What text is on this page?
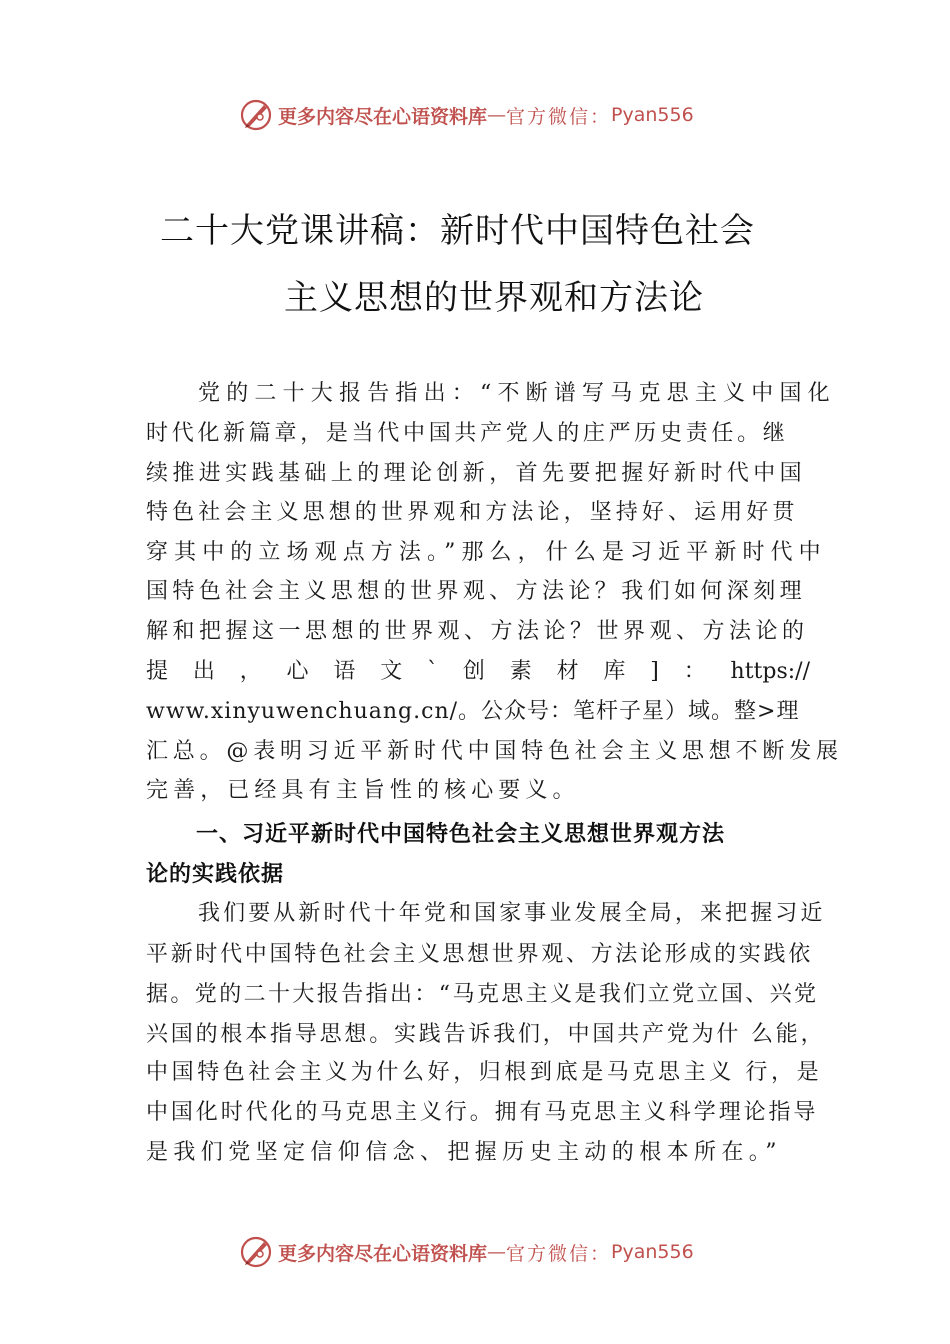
更多内容尽在心语资料库 — 官方微信： Pyan556
二十大党课讲稿：新时代中国特色社会
主义思想的世界观和方法论
党的二十大报告指出：“不断谱写马克思主义中国化
时代化新篇章，是当代中国共产党人的庄严历史责任。继
续推进实践基础上的理论创新，首先要把握好新时代中国
特色社会主义思想的世界观和方法论，坚持好、运用好贯
穿其中的立场观点方法。”那么，什么是习近平新时代中
国特色社会主义思想的世界观、方法论？我们如何深刻理
解和把握这一思想的世界观、方法论？世界观、方法论的
提 出 ， 心 语 文 ` 创 素 材 库 ] ： https://
www.xinyuwenchuang.cn/。公众号：笔杆子星）域。整>理
汇总。@表明习近平新时代中国特色社会主义思想不断发展
完善，已经具有主旨性的核心要义。
一、习近平新时代中国特色社会主义思想世界观方法
论的实践依据
我们要从新时代十年党和国家事业发展全局，来把握习近
平新时代中国特色社会主义思想世界观、方法论形成的实践依
据。党的二十大报告指出：“马克思主义是我们立党立国、兴党
兴国的根本指导思想。实践告诉我们，中国共产党为什 么能，
中国特色社会主义为什么好，归根到底是马克思主义 行，是
中国化时代化的马克思主义行。拥有马克思主义科学理论指导
是我们党坚定信仰信念、把握历史主动的根本所在。”
更多内容尽在心语资料库 — 官方微信： Pyan556
